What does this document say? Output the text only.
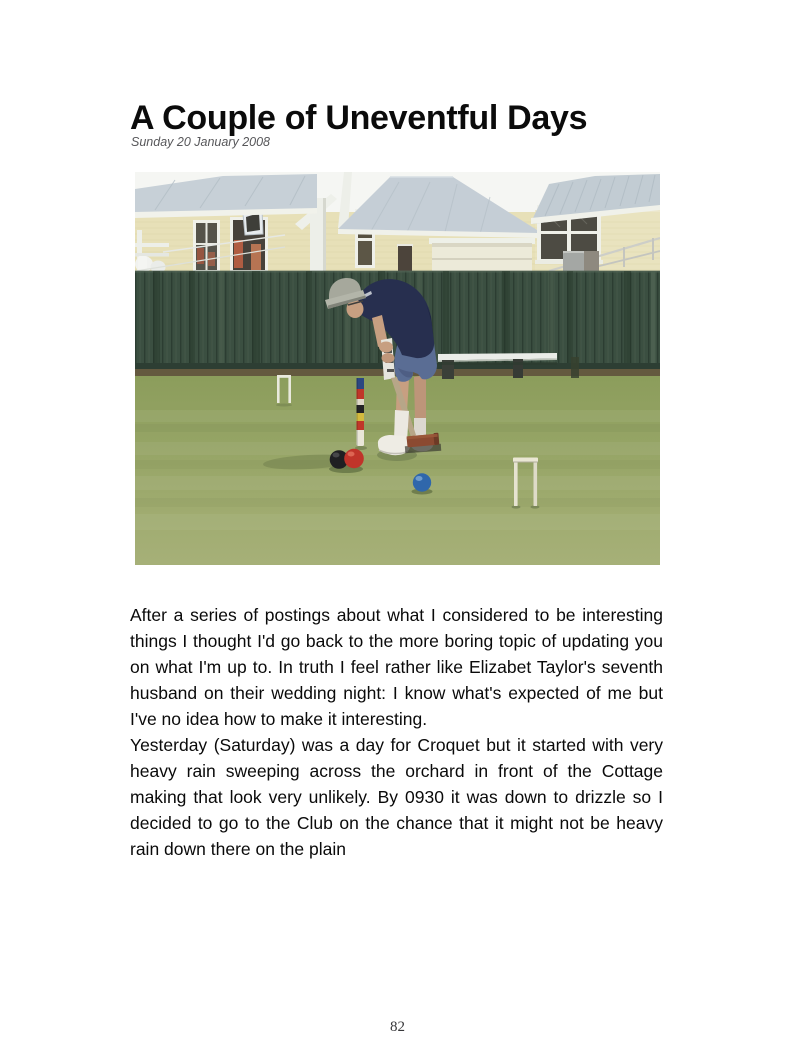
A Couple of Uneventful Days
Sunday 20 January 2008

After a series of postings about what I considered to be interesting things I thought I'd go back to the more boring topic of updating you on what I'm up to. In truth I feel rather like Elizabet Taylor's seventh husband on their wedding night: I know what's expected of me but I've no idea how to make it interesting.

Yesterday (Saturday) was a day for Croquet but it started with very heavy rain sweeping across the orchard in front of the Cottage making that look very unlikely. By 0930 it was down to drizzle so I decided to go to the Club on the chance that it might not be heavy rain down there on the plain

82
